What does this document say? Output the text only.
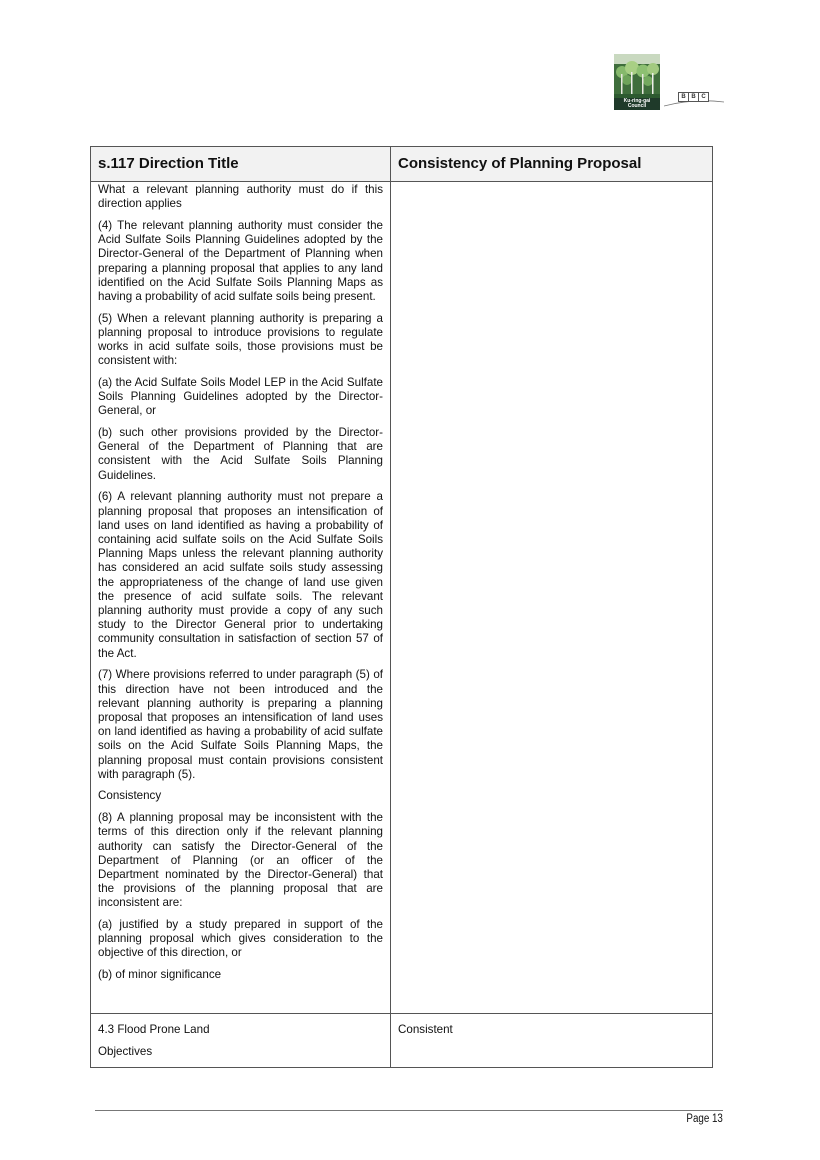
Ku-ring-gai
Council
B B C
s.117 Direction Title	Consistency of Planning Proposal

What a relevant planning authority must do if this direction applies

(4) The relevant planning authority must consider the Acid Sulfate Soils Planning Guidelines adopted by the Director-General of the Department of Planning when preparing a planning proposal that applies to any land identified on the Acid Sulfate Soils Planning Maps as having a probability of acid sulfate soils being present.

(5) When a relevant planning authority is preparing a planning proposal to introduce provisions to regulate works in acid sulfate soils, those provisions must be consistent with:

(a) the Acid Sulfate Soils Model LEP in the Acid Sulfate Soils Planning Guidelines adopted by the Director-General, or

(b) such other provisions provided by the Director-General of the Department of Planning that are consistent with the Acid Sulfate Soils Planning Guidelines.

(6) A relevant planning authority must not prepare a planning proposal that proposes an intensification of land uses on land identified as having a probability of containing acid sulfate soils on the Acid Sulfate Soils Planning Maps unless the relevant planning authority has considered an acid sulfate soils study assessing the appropriateness of the change of land use given the presence of acid sulfate soils. The relevant planning authority must provide a copy of any such study to the Director General prior to undertaking community consultation in satisfaction of section 57 of the Act.

(7) Where provisions referred to under paragraph (5) of this direction have not been introduced and the relevant planning authority is preparing a planning proposal that proposes an intensification of land uses on land identified as having a probability of acid sulfate soils on the Acid Sulfate Soils Planning Maps, the planning proposal must contain provisions consistent with paragraph (5).

Consistency

(8) A planning proposal may be inconsistent with the terms of this direction only if the relevant planning authority can satisfy the Director-General of the Department of Planning (or an officer of the Department nominated by the Director-General) that the provisions of the planning proposal that are inconsistent are:

(a) justified by a study prepared in support of the planning proposal which gives consideration to the objective of this direction, or

(b) of minor significance

4.3 Flood Prone Land

Objectives

Consistent
Page 13
